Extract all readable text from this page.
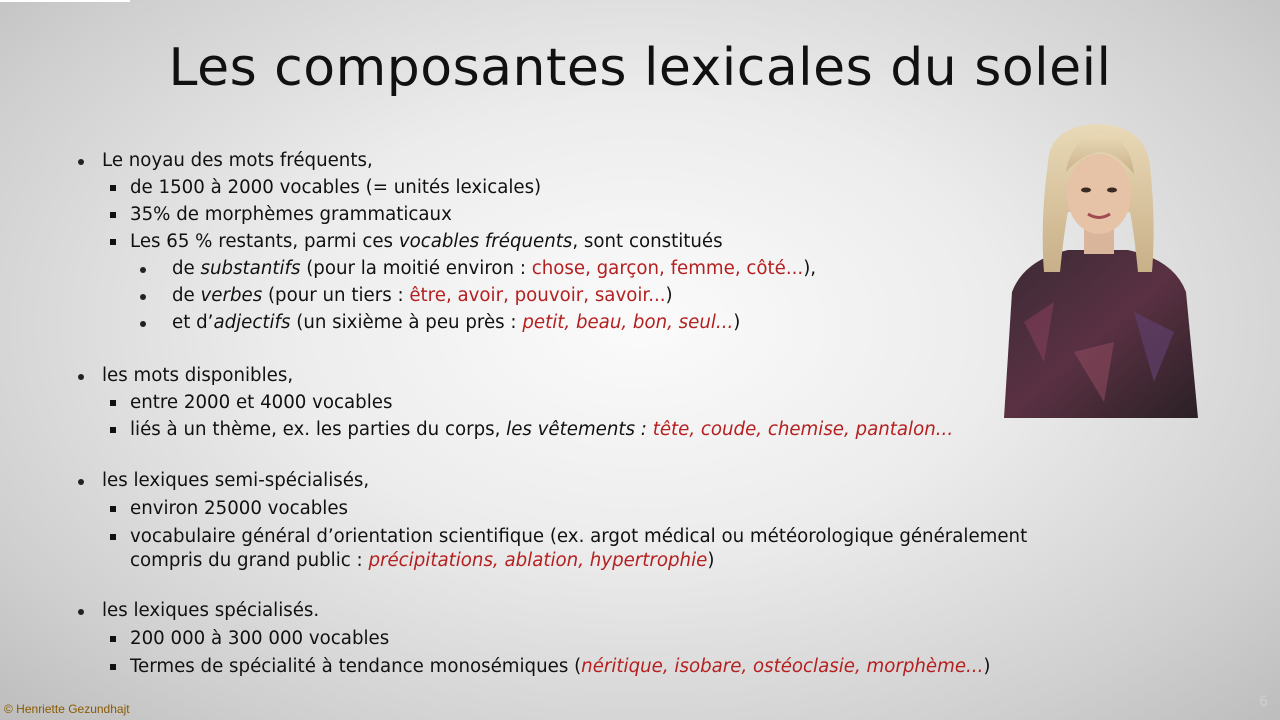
Les composantes lexicales du soleil
Le noyau des mots fréquents,
de 1500 à 2000 vocables (= unités lexicales)
35% de morphèmes grammaticaux
Les 65 % restants, parmi ces vocables fréquents, sont constitués
de substantifs (pour la moitié environ : chose, garçon, femme, côté...),
de verbes (pour un tiers : être, avoir, pouvoir, savoir...)
et d’adjectifs (un sixième à peu près : petit, beau, bon, seul...)
les mots disponibles,
entre 2000 et 4000 vocables
liés à un thème, ex. les parties du corps, les vêtements : tête, coude, chemise, pantalon...
les lexiques semi-spécialisés,
environ 25000 vocables
vocabulaire général d’orientation scientifique (ex. argot médical ou météorologique généralement
compris du grand public : précipitations, ablation, hypertrophie)
les lexiques spécialisés.
200 000 à 300 000 vocables
Termes de spécialité à tendance monosémiques (néritique, isobare, ostéoclasie, morphème...)
© Henriette Gezundhajt	6
